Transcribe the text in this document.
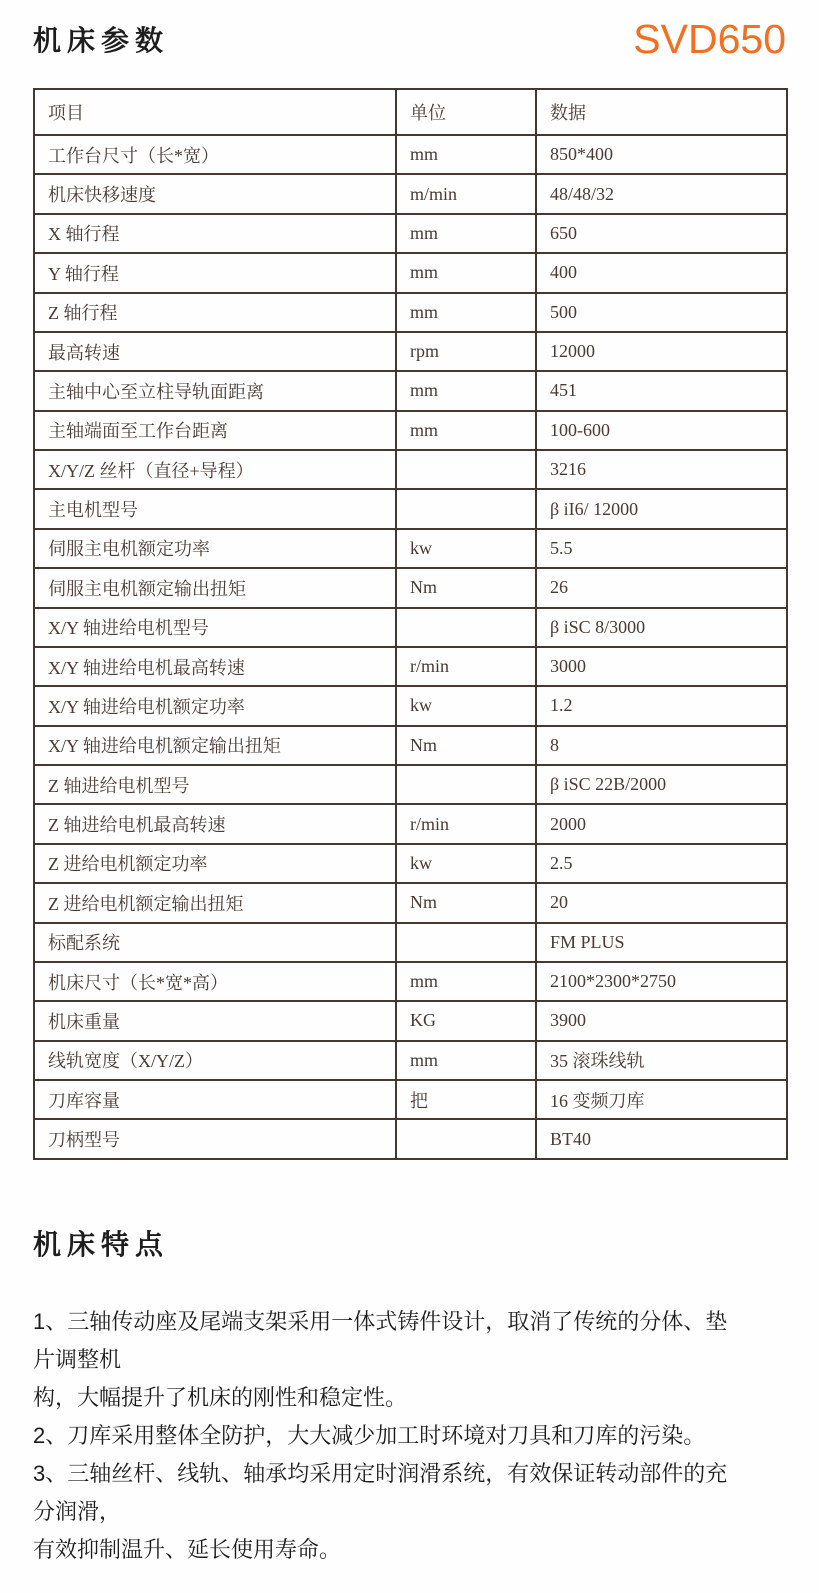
机床参数	SVD650
项目	单位	数据
工作台尺寸（长*宽）	mm	850*400
机床快移速度	m/min	48/48/32
X 轴行程	mm	650
Y 轴行程	mm	400
Z 轴行程	mm	500
最高转速	rpm	12000
主轴中心至立柱导轨面距离	mm	451
主轴端面至工作台距离	mm	100-600
X/Y/Z 丝杆（直径+导程）		3216
主电机型号		β iI6/ 12000
伺服主电机额定功率	kw	5.5
伺服主电机额定输出扭矩	Nm	26
X/Y 轴进给电机型号		β iSC 8/3000
X/Y 轴进给电机最高转速	r/min	3000
X/Y 轴进给电机额定功率	kw	1.2
X/Y 轴进给电机额定输出扭矩	Nm	8
Z 轴进给电机型号		β iSC 22B/2000
Z 轴进给电机最高转速	r/min	2000
Z 进给电机额定功率	kw	2.5
Z 进给电机额定输出扭矩	Nm	20
标配系统		FM PLUS
机床尺寸（长*宽*高）	mm	2100*2300*2750
机床重量	KG	3900
线轨宽度（X/Y/Z）	mm	35 滚珠线轨
刀库容量	把	16 变频刀库
刀柄型号		BT40
机床特点
1、三轴传动座及尾端支架采用一体式铸件设计，取消了传统的分体、垫
片调整机
构，大幅提升了机床的刚性和稳定性。
2、刀库采用整体全防护，大大减少加工时环境对刀具和刀库的污染。
3、三轴丝杆、线轨、轴承均采用定时润滑系统，有效保证转动部件的充
分润滑，
有效抑制温升、延长使用寿命。
